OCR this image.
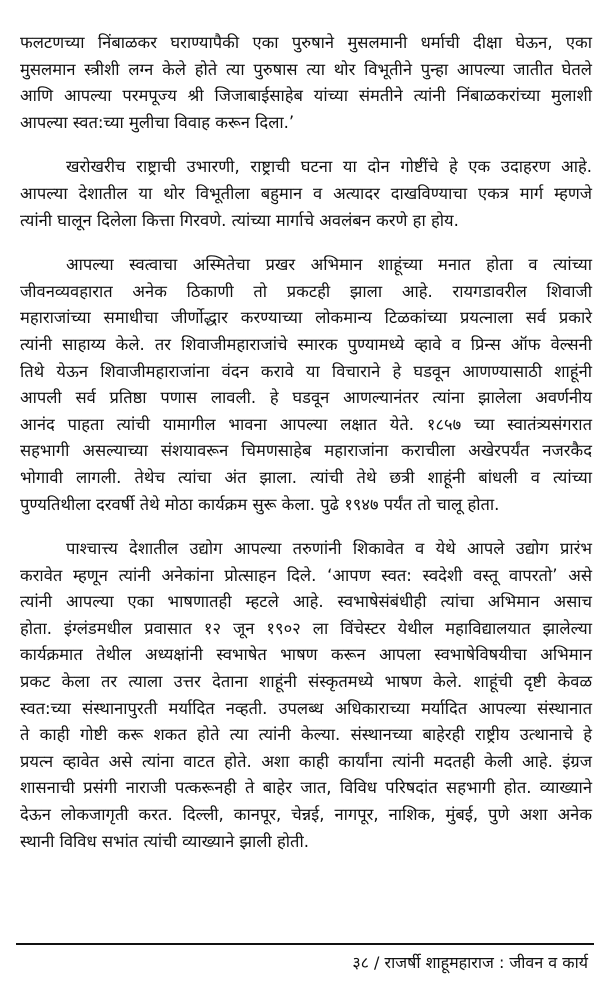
फलटणच्या निंबाळकर घराण्यापैकी एका पुरुषाने मुसलमानी धर्माची दीक्षा घेऊन, एका
मुसलमान स्त्रीशी लग्न केले होते त्या पुरुषास त्या थोर विभूतीने पुन्हा आपल्या जातीत घेतले
आणि आपल्या परमपूज्य श्री जिजाबाईसाहेब यांच्या संमतीने त्यांनी निंबाळकरांच्या मुलाशी
आपल्या स्वत:च्या मुलीचा विवाह करून दिला.’
खरोखरीच राष्ट्राची उभारणी, राष्ट्राची घटना या दोन गोष्टींचे हे एक उदाहरण आहे.
आपल्या देशातील या थोर विभूतीला बहुमान व अत्यादर दाखविण्याचा एकत्र मार्ग म्हणजे
त्यांनी घालून दिलेला कित्ता गिरवणे. त्यांच्या मार्गाचे अवलंबन करणे हा होय.
आपल्या स्वत्वाचा अस्मितेचा प्रखर अभिमान शाहूंच्या मनात होता व त्यांच्या
जीवनव्यवहारात अनेक ठिकाणी तो प्रकटही झाला आहे. रायगडावरील शिवाजी
महाराजांच्या समाधीचा जीर्णोद्धार करण्याच्या लोकमान्य टिळकांच्या प्रयत्नाला सर्व प्रकारे
त्यांनी साहाय्य केले. तर शिवाजीमहाराजांचे स्मारक पुण्यामध्ये व्हावे व प्रिन्स ऑफ वेल्सनी
तिथे येऊन शिवाजीमहाराजांना वंदन करावे या विचाराने हे घडवून आणण्यासाठी शाहूंनी
आपली सर्व प्रतिष्ठा पणास लावली. हे घडवून आणल्यानंतर त्यांना झालेला अवर्णनीय
आनंद पाहता त्यांची यामागील भावना आपल्या लक्षात येते. १८५७ च्या स्वातंत्र्यसंगरात
सहभागी असल्याच्या संशयावरून चिमणसाहेब महाराजांना कराचीला अखेरपर्यंत नजरकैद
भोगावी लागली. तेथेच त्यांचा अंत झाला. त्यांची तेथे छत्री शाहूंनी बांधली व त्यांच्या
पुण्यतिथीला दरवर्षी तेथे मोठा कार्यक्रम सुरू केला. पुढे १९४७ पर्यंत तो चालू होता.
पाश्चात्त्य देशातील उद्योग आपल्या तरुणांनी शिकावेत व येथे आपले उद्योग प्रारंभ
करावेत म्हणून त्यांनी अनेकांना प्रोत्साहन दिले. ‘आपण स्वत: स्वदेशी वस्तू वापरतो’ असे
त्यांनी आपल्या एका भाषणातही म्हटले आहे. स्वभाषेसंबंधीही त्यांचा अभिमान असाच
होता. इंग्लंडमधील प्रवासात १२ जून १९०२ ला विंचेस्टर येथील महाविद्यालयात झालेल्या
कार्यक्रमात तेथील अध्यक्षांनी स्वभाषेत भाषण करून आपला स्वभाषेविषयीचा अभिमान
प्रकट केला तर त्याला उत्तर देताना शाहूंनी संस्कृतमध्ये भाषण केले. शाहूंची दृष्टी केवळ
स्वत:च्या संस्थानापुरती मर्यादित नव्हती. उपलब्ध अधिकाराच्या मर्यादित आपल्या संस्थानात
ते काही गोष्टी करू शकत होते त्या त्यांनी केल्या. संस्थानच्या बाहेरही राष्ट्रीय उत्थानाचे हे
प्रयत्न व्हावेत असे त्यांना वाटत होते. अशा काही कार्यांना त्यांनी मदतही केली आहे. इंग्रज
शासनाची प्रसंगी नाराजी पत्करूनही ते बाहेर जात, विविध परिषदांत सहभागी होत. व्याख्याने
देऊन लोकजागृती करत. दिल्ली, कानपूर, चेन्नई, नागपूर, नाशिक, मुंबई, पुणे अशा अनेक
स्थानी विविध सभांत त्यांची व्याख्याने झाली होती.
३८ / राजर्षी शाहूमहाराज : जीवन व कार्य
